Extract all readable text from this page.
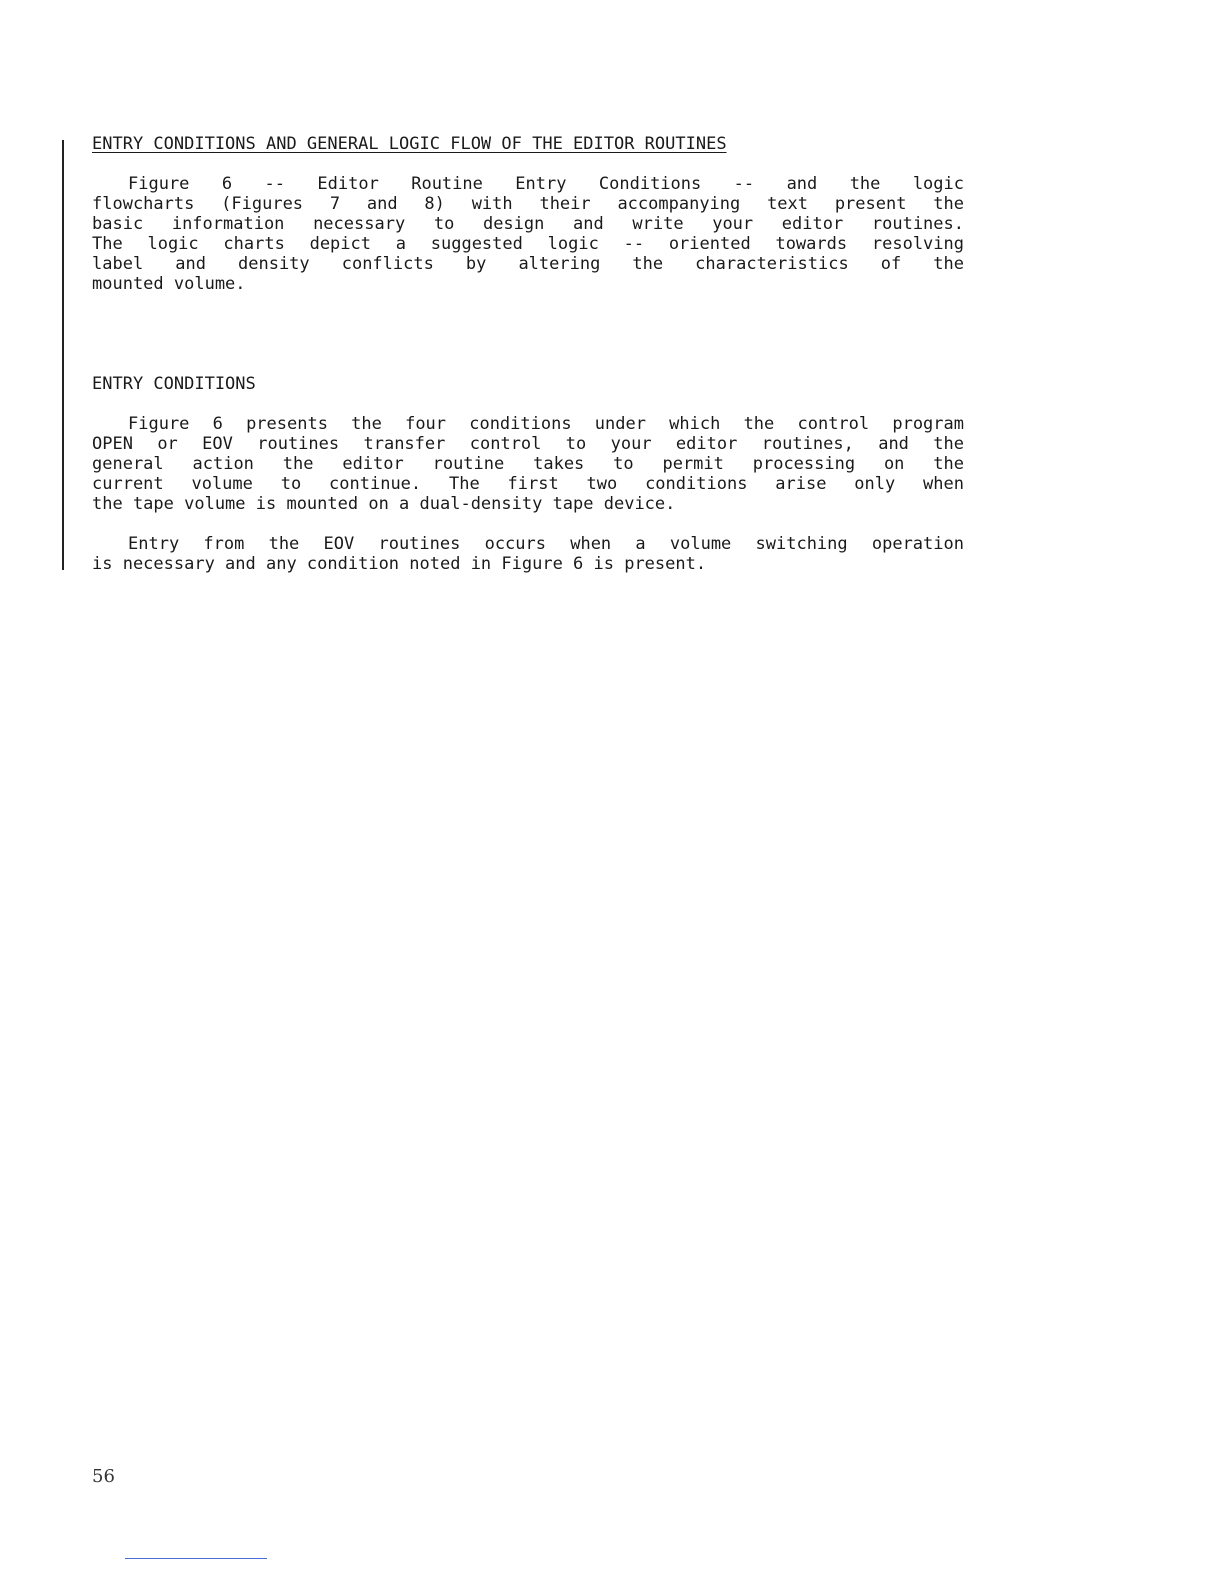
ENTRY CONDITIONS AND GENERAL LOGIC FLOW OF THE EDITOR ROUTINES

Figure 6 -- Editor Routine Entry Conditions -- and the logic
flowcharts (Figures 7 and 8) with their accompanying text present the
basic information necessary to design and write your editor routines.
The logic charts depict a suggested logic -- oriented towards resolving
label and density conflicts by altering the characteristics of the
mounted volume.

ENTRY CONDITIONS

Figure 6 presents the four conditions under which the control program
OPEN or EOV routines transfer control to your editor routines, and the
general action the editor routine takes to permit processing on the
current volume to continue. The first two conditions arise only when
the tape volume is mounted on a dual-density tape device.

Entry from the EOV routines occurs when a volume switching operation
is necessary and any condition noted in Figure 6 is present.

56
